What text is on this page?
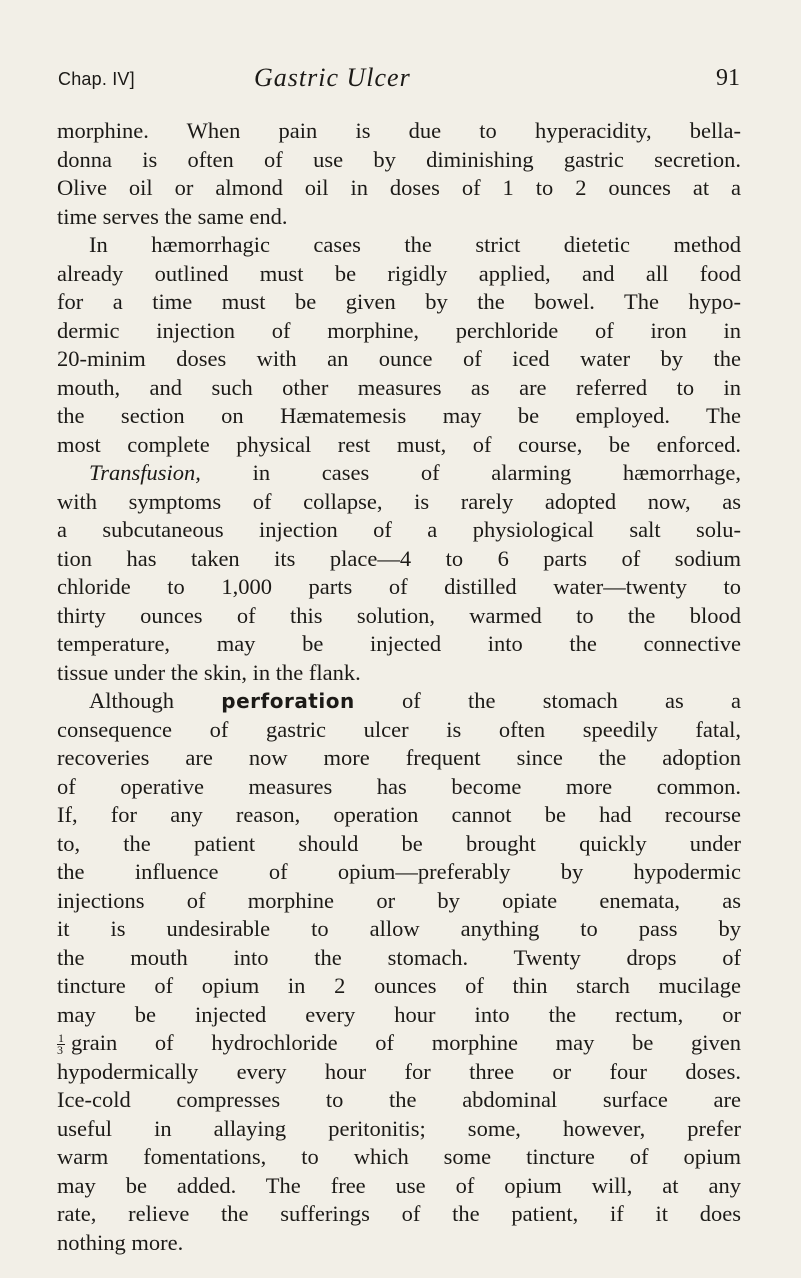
Chap. IV]	Gastric Ulcer	91
morphine. When pain is due to hyperacidity, bella-
donna is often of use by diminishing gastric secretion.
Olive oil or almond oil in doses of 1 to 2 ounces at a
time serves the same end.
In hæmorrhagic cases the strict dietetic method
already outlined must be rigidly applied, and all food
for a time must be given by the bowel. The hypo-
dermic injection of morphine, perchloride of iron in
20-minim doses with an ounce of iced water by the
mouth, and such other measures as are referred to in
the section on Hæmatemesis may be employed. The
most complete physical rest must, of course, be enforced.
Transfusion, in cases of alarming hæmorrhage,
with symptoms of collapse, is rarely adopted now, as
a subcutaneous injection of a physiological salt solu-
tion has taken its place—4 to 6 parts of sodium
chloride to 1,000 parts of distilled water—twenty to
thirty ounces of this solution, warmed to the blood
temperature, may be injected into the connective
tissue under the skin, in the flank.
Although perforation of the stomach as a
consequence of gastric ulcer is often speedily fatal,
recoveries are now more frequent since the adoption
of operative measures has become more common.
If, for any reason, operation cannot be had recourse
to, the patient should be brought quickly under
the influence of opium—preferably by hypodermic
injections of morphine or by opiate enemata, as
it is undesirable to allow anything to pass by
the mouth into the stomach. Twenty drops of
tincture of opium in 2 ounces of thin starch mucilage
may be injected every hour into the rectum, or
$\frac{1}{3}$ grain of hydrochloride of morphine may be given
hypodermically every hour for three or four doses.
Ice-cold compresses to the abdominal surface are
useful in allaying peritonitis; some, however, prefer
warm fomentations, to which some tincture of opium
may be added. The free use of opium will, at any
rate, relieve the sufferings of the patient, if it does
nothing more.
